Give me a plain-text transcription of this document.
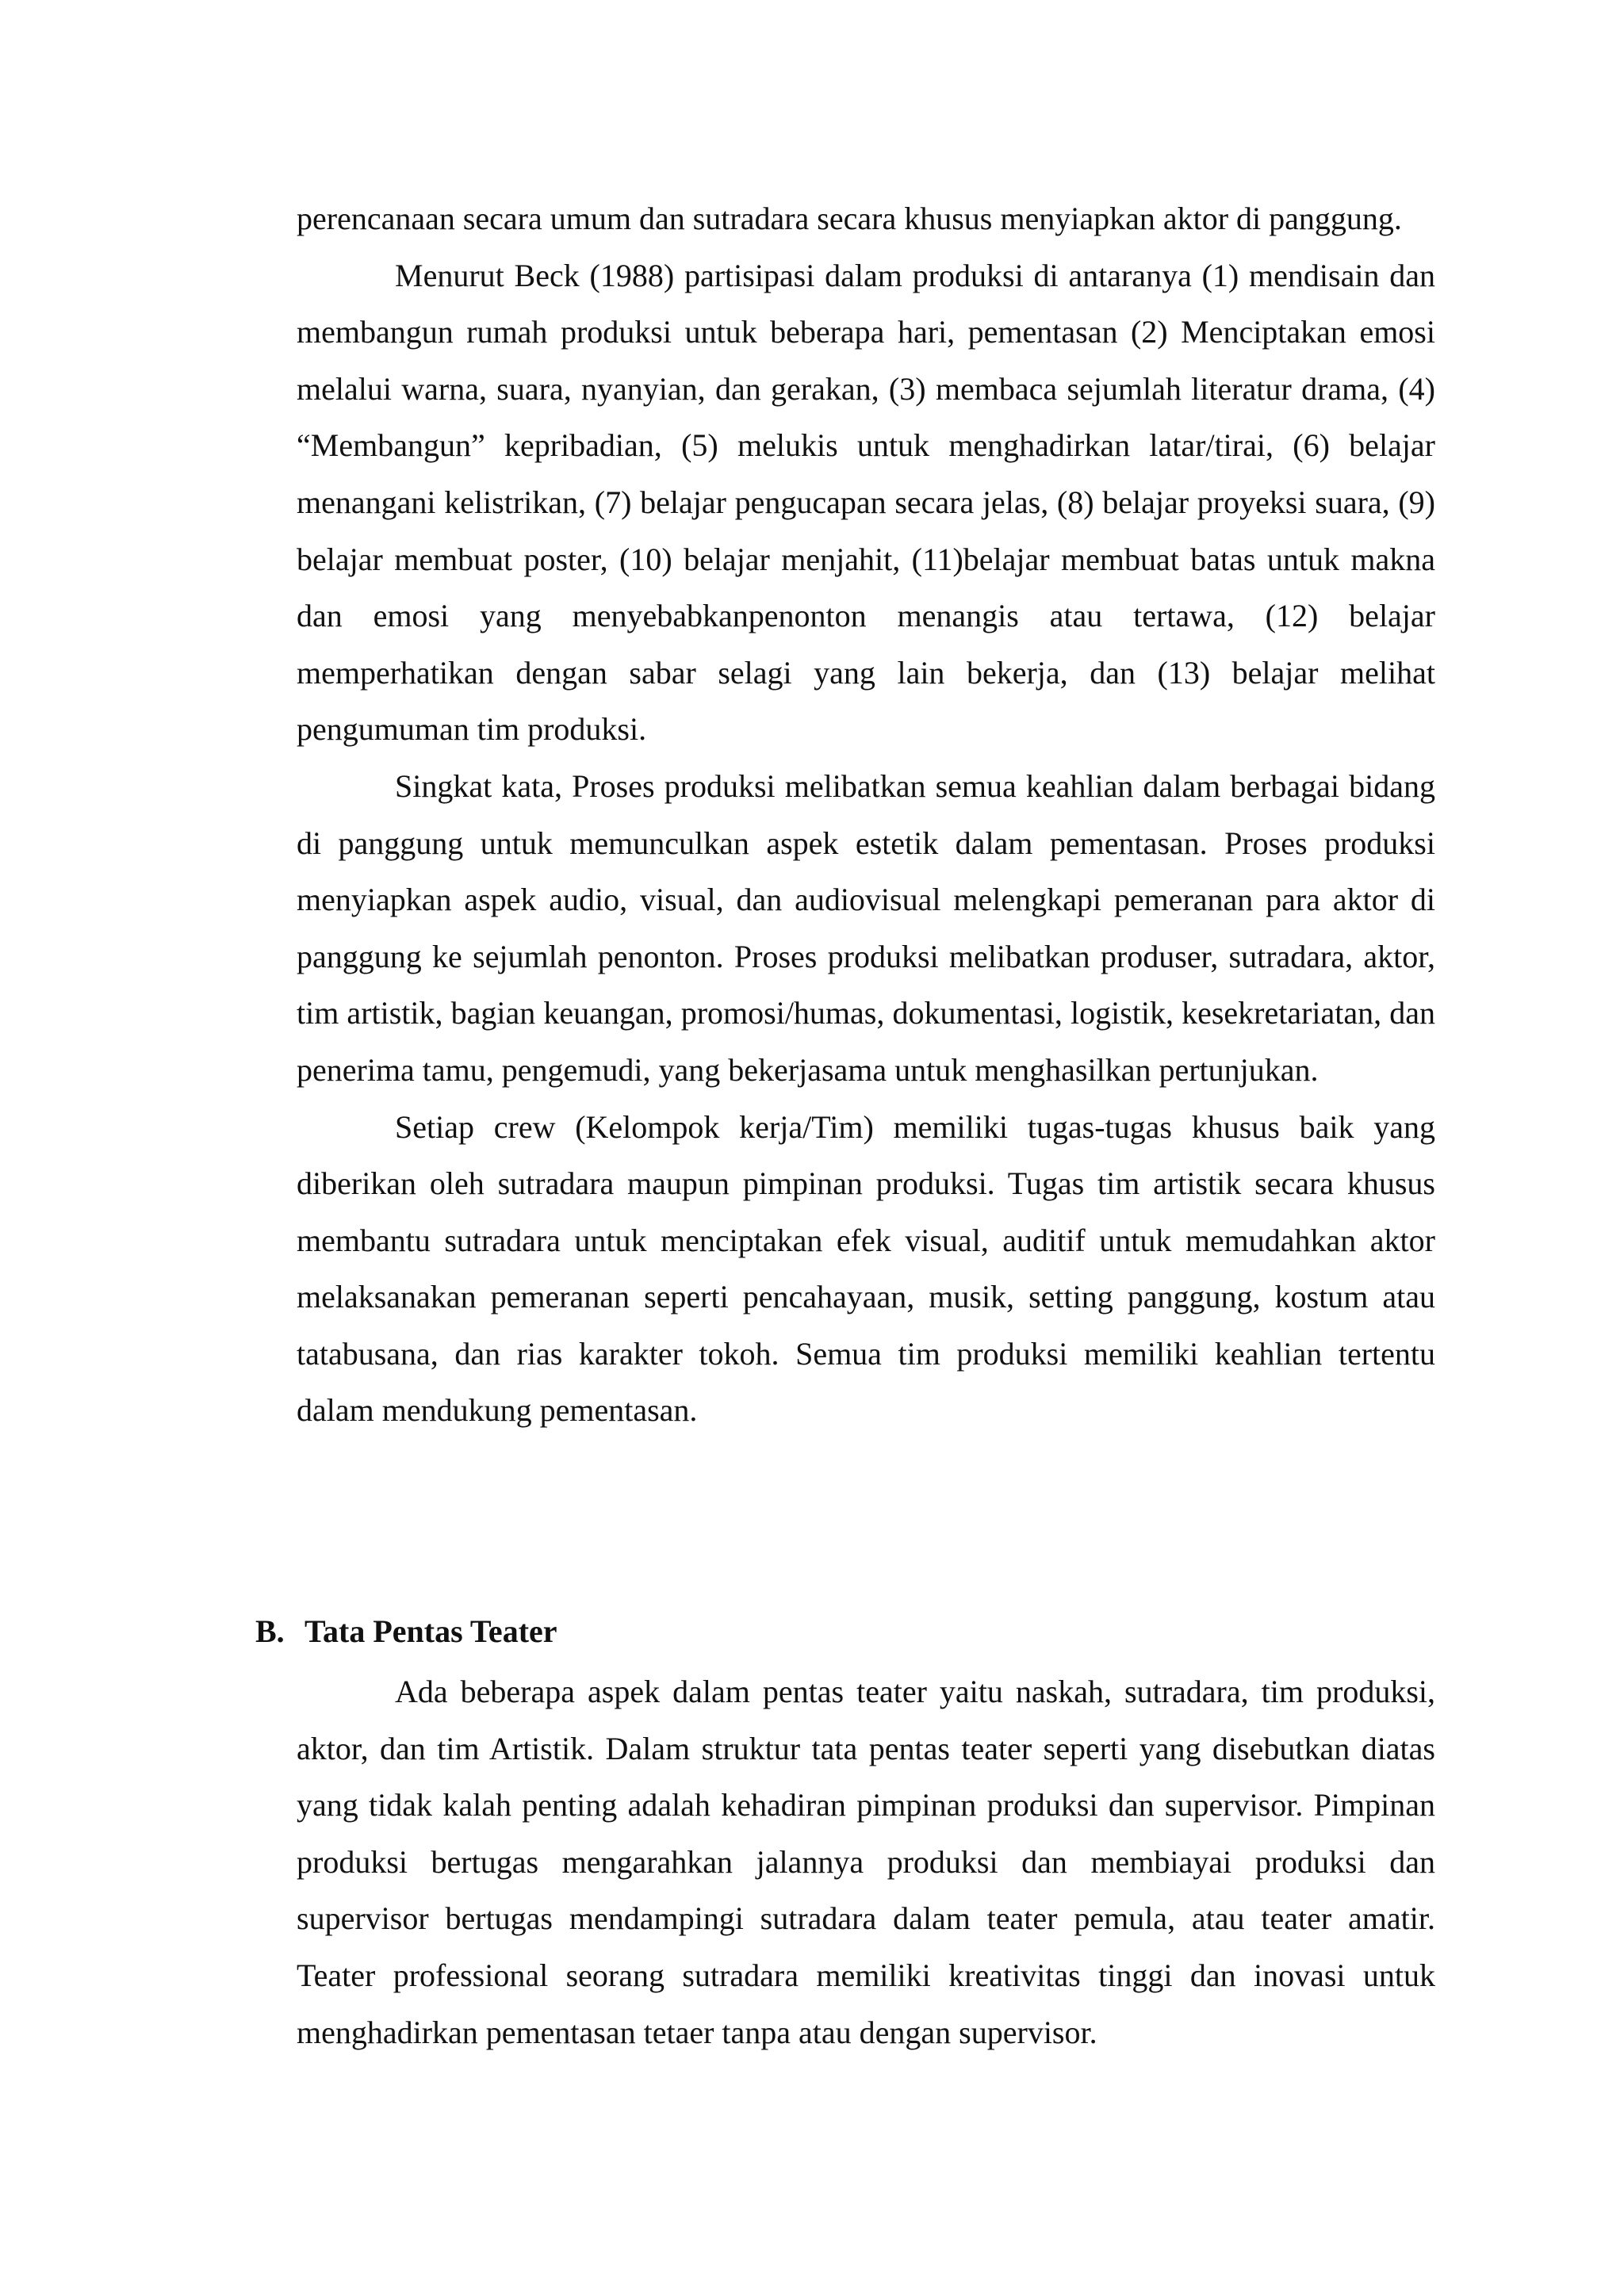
perencanaan secara umum dan sutradara secara khusus menyiapkan aktor di panggung.

Menurut Beck (1988) partisipasi dalam produksi di antaranya (1) mendisain dan membangun rumah produksi untuk beberapa hari, pementasan (2) Menciptakan emosi melalui warna, suara, nyanyian, dan gerakan, (3) membaca sejumlah literatur drama, (4) “Membangun” kepribadian, (5) melukis untuk menghadirkan latar/tirai, (6) belajar menangani kelistrikan, (7) belajar pengucapan secara jelas, (8) belajar proyeksi suara, (9) belajar membuat poster, (10) belajar menjahit, (11)belajar membuat batas untuk makna dan emosi yang menyebabkanpenonton menangis atau tertawa, (12) belajar memperhatikan dengan sabar selagi yang lain bekerja, dan (13) belajar melihat pengumuman tim produksi.

Singkat kata, Proses produksi melibatkan semua keahlian dalam berbagai bidang di panggung untuk memunculkan aspek estetik dalam pementasan. Proses produksi menyiapkan aspek audio, visual, dan audiovisual melengkapi pemeranan para aktor di panggung ke sejumlah penonton. Proses produksi melibatkan produser, sutradara, aktor, tim artistik, bagian keuangan, promosi/humas, dokumentasi, logistik, kesekretariatan, dan penerima tamu, pengemudi, yang bekerjasama untuk menghasilkan pertunjukan.

Setiap crew (Kelompok kerja/Tim) memiliki tugas-tugas khusus baik yang diberikan oleh sutradara maupun pimpinan produksi. Tugas tim artistik secara khusus membantu sutradara untuk menciptakan efek visual, auditif untuk memudahkan aktor melaksanakan pemeranan seperti pencahayaan, musik, setting panggung, kostum atau tatabusana, dan rias karakter tokoh. Semua tim produksi memiliki keahlian tertentu dalam mendukung pementasan.

B. Tata Pentas Teater

Ada beberapa aspek dalam pentas teater yaitu naskah, sutradara, tim produksi, aktor, dan tim Artistik. Dalam struktur tata pentas teater seperti yang disebutkan diatas yang tidak kalah penting adalah kehadiran pimpinan produksi dan supervisor. Pimpinan produksi bertugas mengarahkan jalannya produksi dan membiayai produksi dan supervisor bertugas mendampingi sutradara dalam teater pemula, atau teater amatir. Teater professional seorang sutradara memiliki kreativitas tinggi dan inovasi untuk menghadirkan pementasan tetaer tanpa atau dengan supervisor.
